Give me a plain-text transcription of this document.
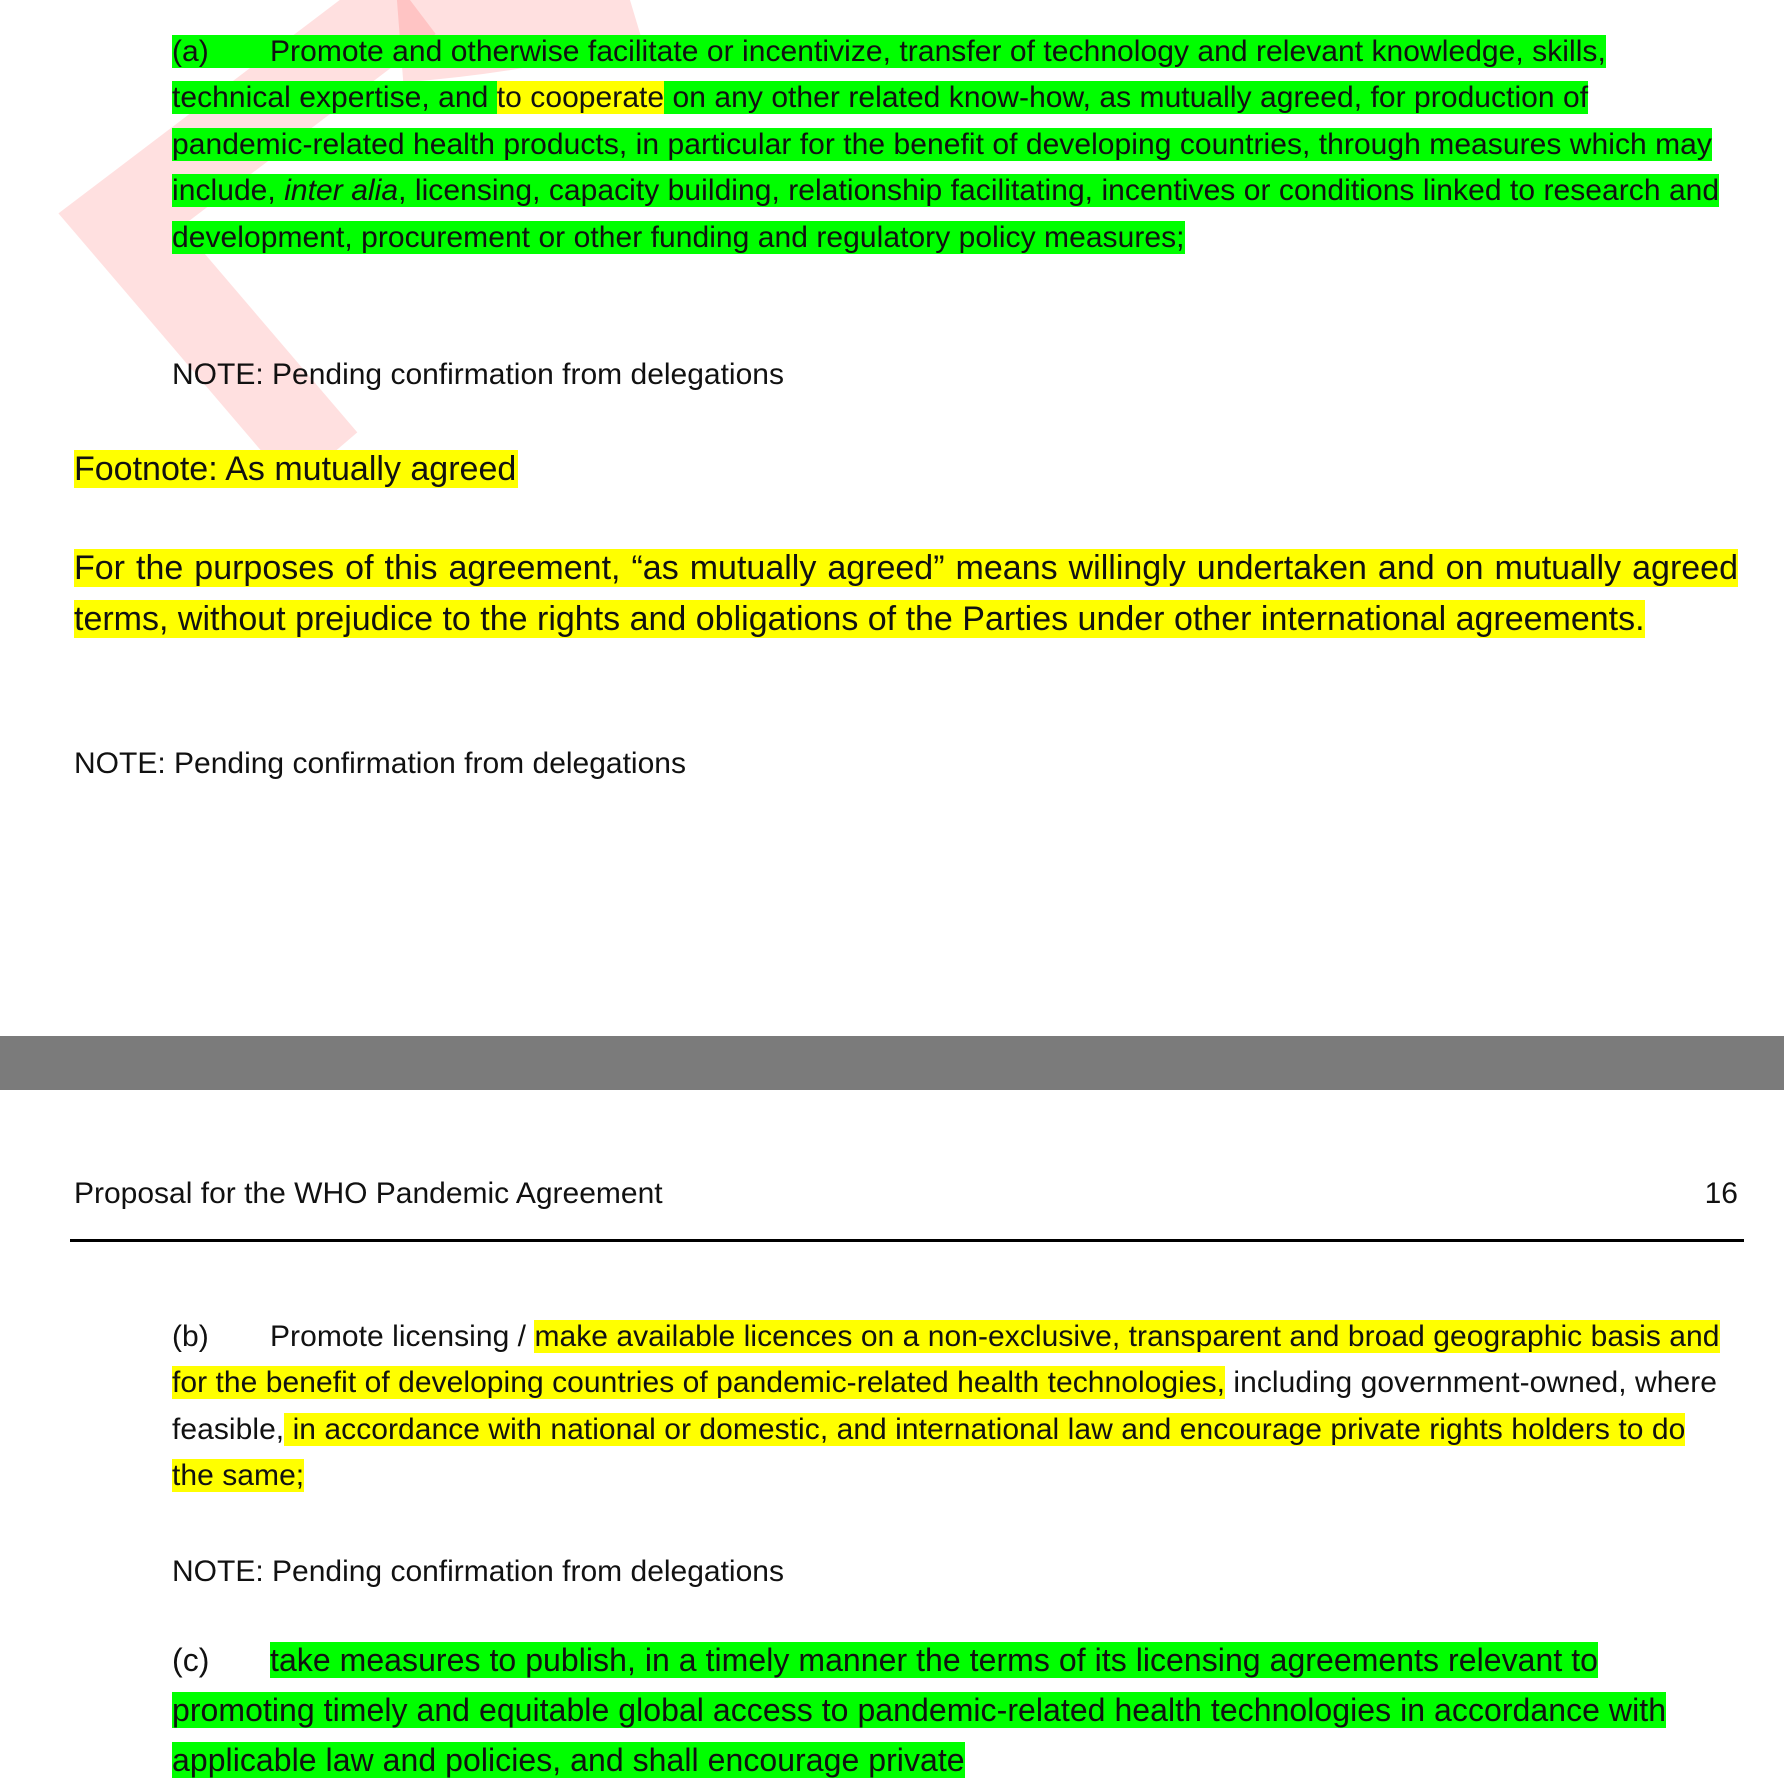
(a) Promote and otherwise facilitate or incentivize, transfer of technology and relevant knowledge, skills, technical expertise, and to cooperate on any other related know-how, as mutually agreed, for production of pandemic-related health products, in particular for the benefit of developing countries, through measures which may include, inter alia, licensing, capacity building, relationship facilitating, incentives or conditions linked to research and development, procurement or other funding and regulatory policy measures;

NOTE: Pending confirmation from delegations
Footnote: As mutually agreed

For the purposes of this agreement, “as mutually agreed” means willingly undertaken and on mutually agreed terms, without prejudice to the rights and obligations of the Parties under other international agreements.

NOTE: Pending confirmation from delegations
Proposal for the WHO Pandemic Agreement	16

(b) Promote licensing / make available licences on a non-exclusive, transparent and broad geographic basis and for the benefit of developing countries of pandemic-related health technologies, including government-owned, where feasible, in accordance with national or domestic, and international law and encourage private rights holders to do the same;

NOTE: Pending confirmation from delegations

(c) take measures to publish, in a timely manner the terms of its licensing agreements relevant to promoting timely and equitable global access to pandemic-related health technologies in accordance with applicable law and policies, and shall encourage private
